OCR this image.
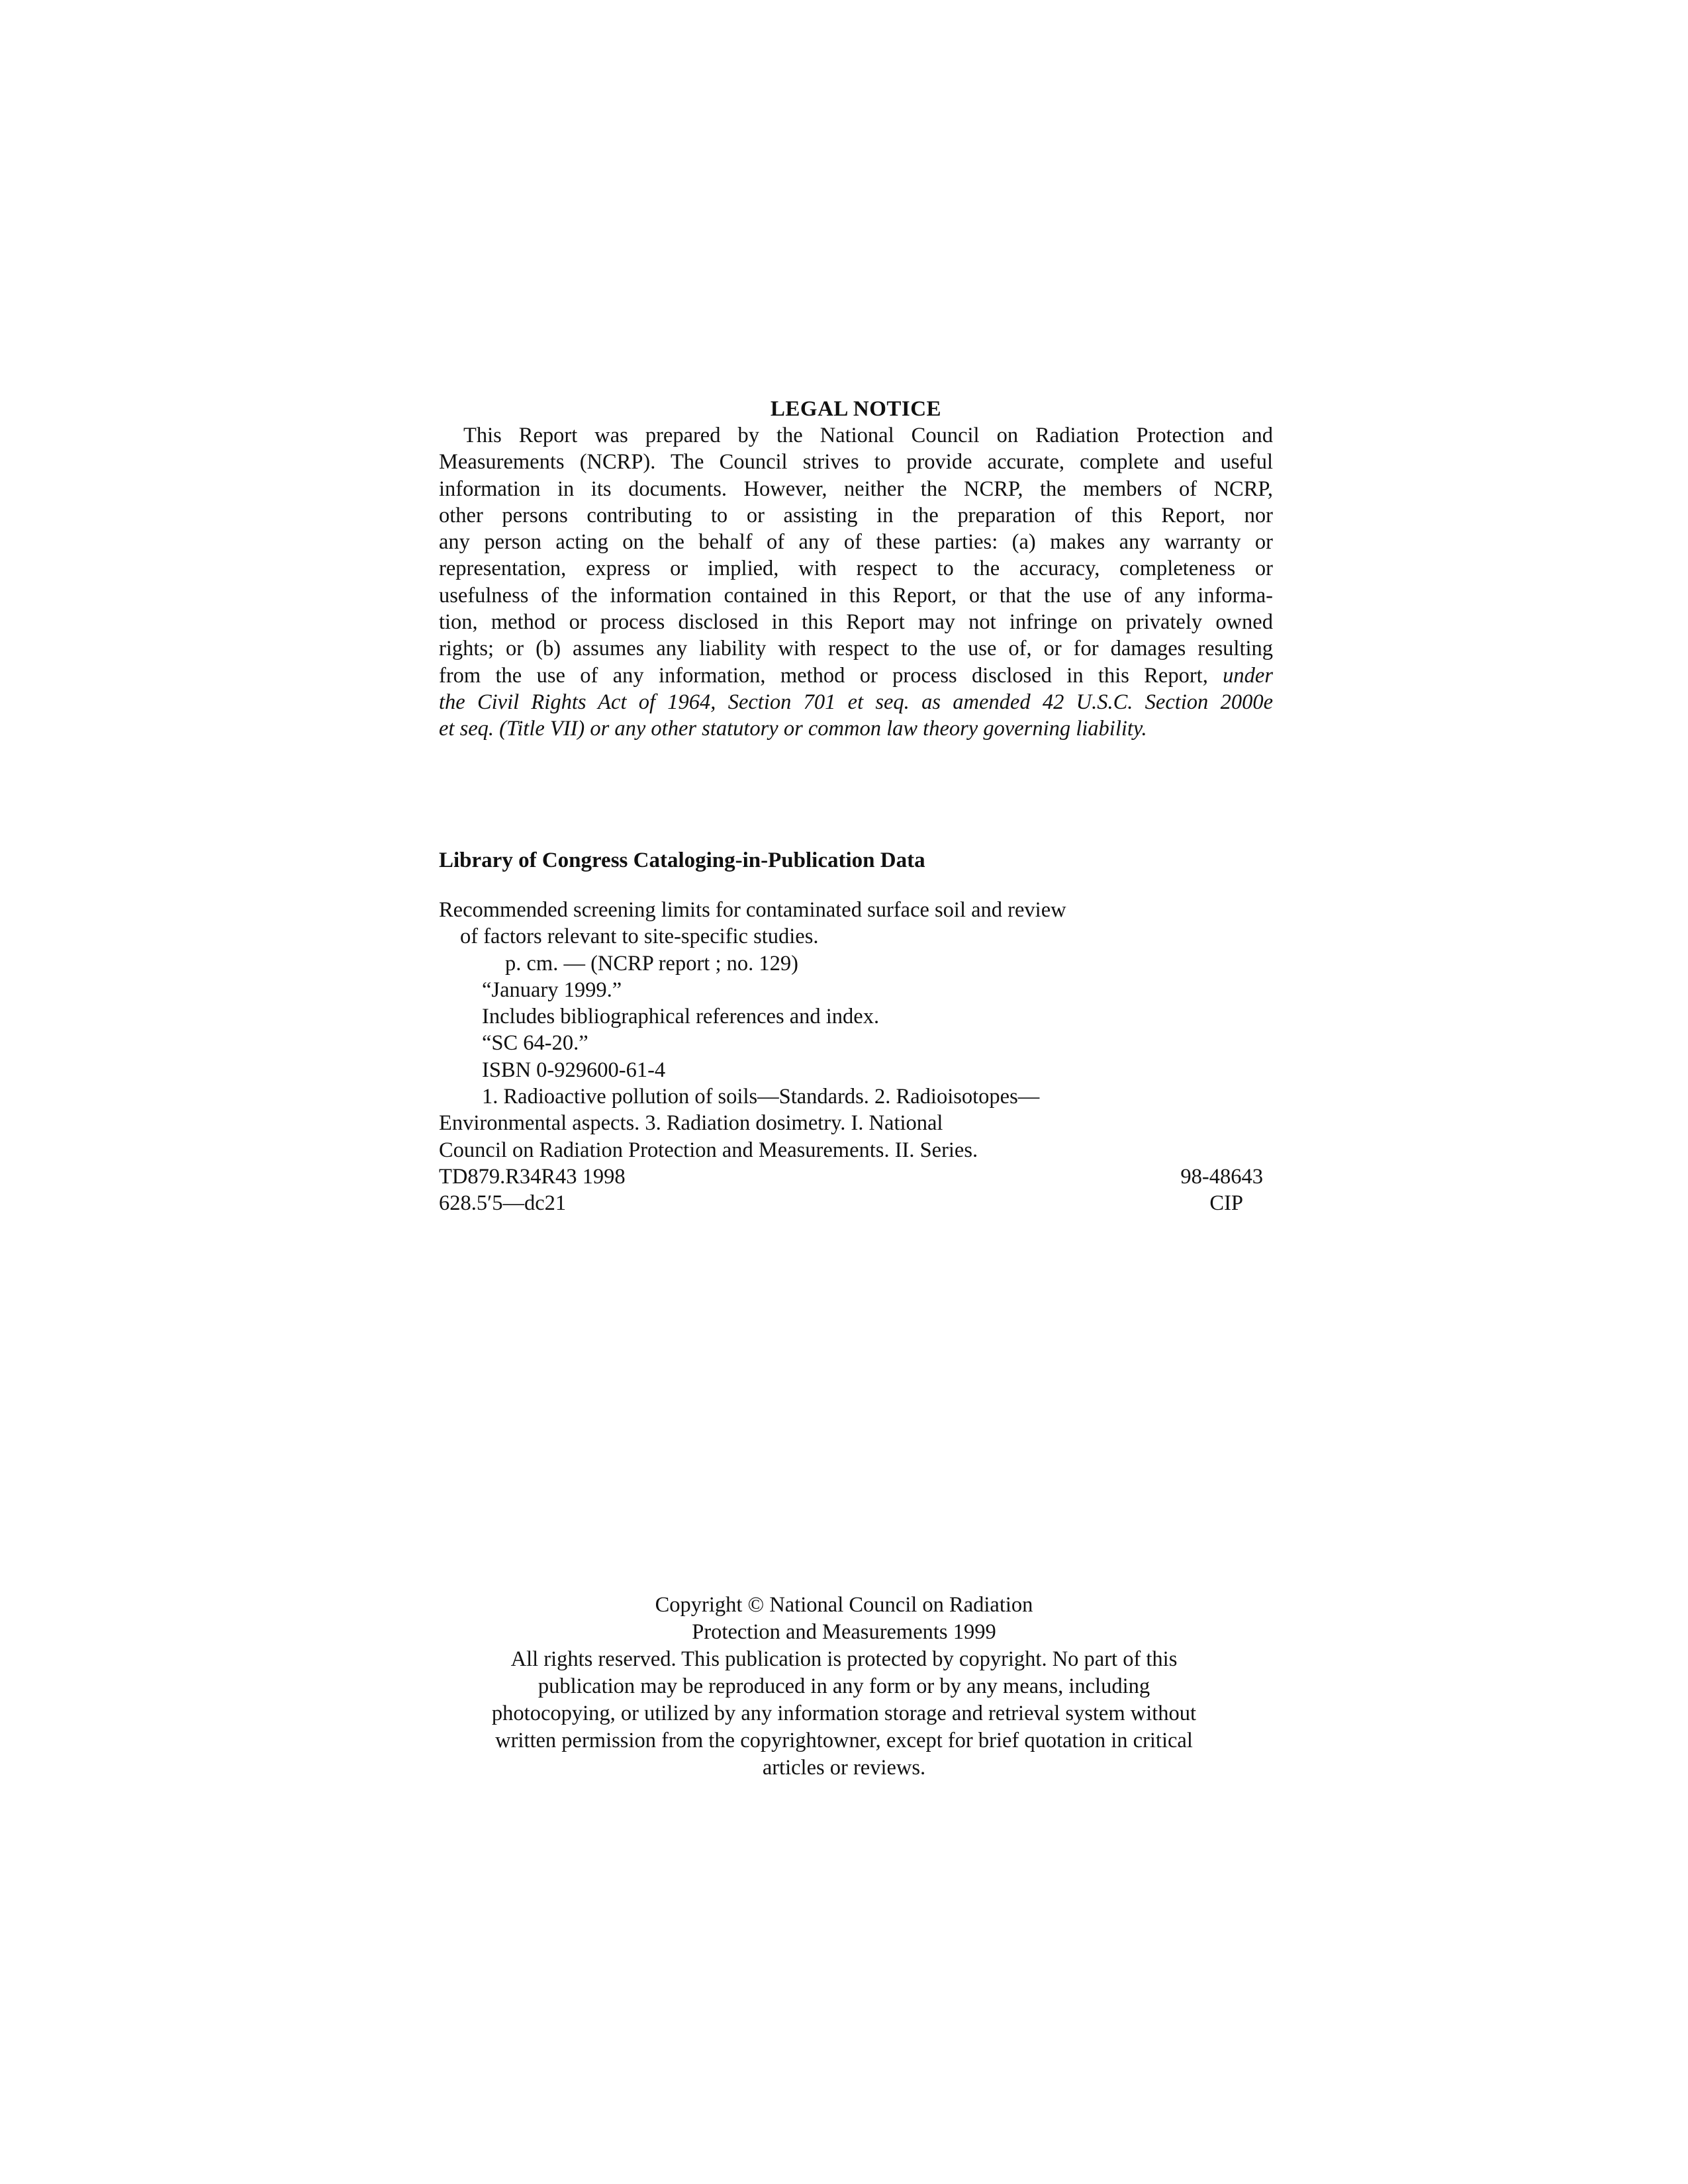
LEGAL NOTICE
This Report was prepared by the National Council on Radiation Protection and
Measurements (NCRP). The Council strives to provide accurate, complete and useful
information in its documents. However, neither the NCRP, the members of NCRP,
other persons contributing to or assisting in the preparation of this Report, nor
any person acting on the behalf of any of these parties: (a) makes any warranty or
representation, express or implied, with respect to the accuracy, completeness or
usefulness of the information contained in this Report, or that the use of any informa-
tion, method or process disclosed in this Report may not infringe on privately owned
rights; or (b) assumes any liability with respect to the use of, or for damages resulting
from the use of any information, method or process disclosed in this Report, under
the Civil Rights Act of 1964, Section 701 et seq. as amended 42 U.S.C. Section 2000e
et seq. (Title VII) or any other statutory or common law theory governing liability.
Library of Congress Cataloging-in-Publication Data
Recommended screening limits for contaminated surface soil and review
of factors relevant to site-specific studies.
p. cm. — (NCRP report ; no. 129)
“January 1999.”
Includes bibliographical references and index.
“SC 64-20.”
ISBN 0-929600-61-4
1. Radioactive pollution of soils—Standards. 2. Radioisotopes—
Environmental aspects. 3. Radiation dosimetry. I. National
Council on Radiation Protection and Measurements. II. Series.
TD879.R34R43 1998	98-48643
628.5′5—dc21	CIP
Copyright © National Council on Radiation
Protection and Measurements 1999
All rights reserved. This publication is protected by copyright. No part of this
publication may be reproduced in any form or by any means, including
photocopying, or utilized by any information storage and retrieval system without
written permission from the copyrightowner, except for brief quotation in critical
articles or reviews.
